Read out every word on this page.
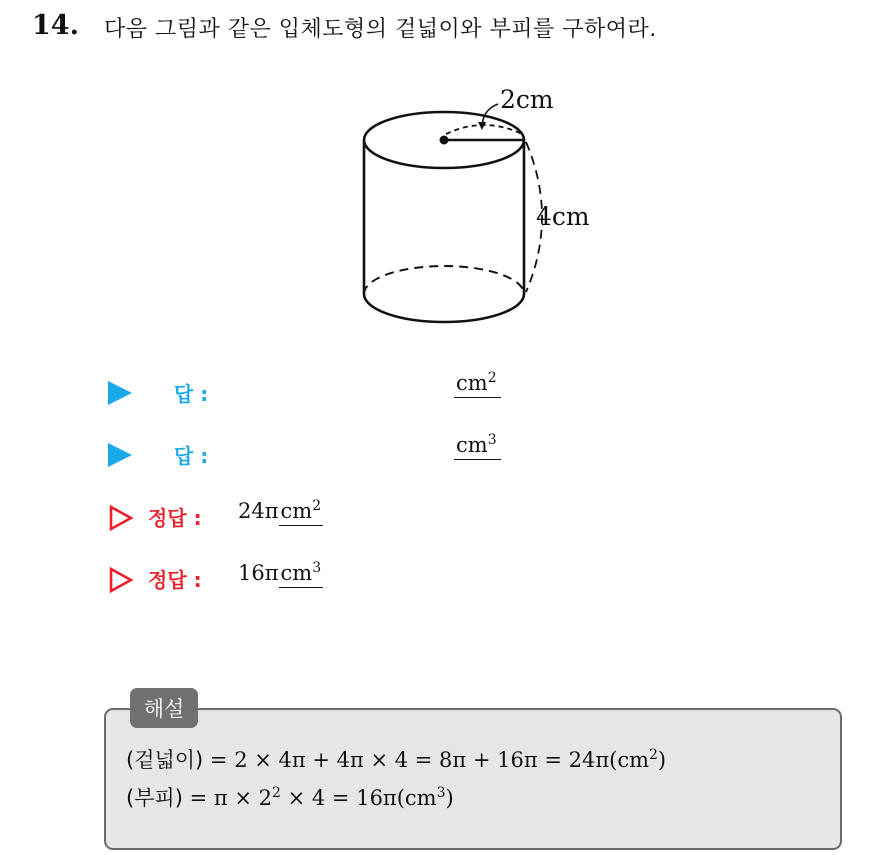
14. 다음 그림과 같은 입체도형의 겉넓이와 부피를 구하여라.
2cm
4cm
답 :	$cm^2$
답 :	$cm^3$
정답 : 24πcm$^2$
정답 : 16πcm$^3$
해설
(겉넓이) = $2 \times 4\pi + 4\pi \times 4 = 8\pi + 16\pi = 24\pi(cm^2)$
(부피) = $\pi \times 2^2 \times 4 = 16\pi(cm^3)$
